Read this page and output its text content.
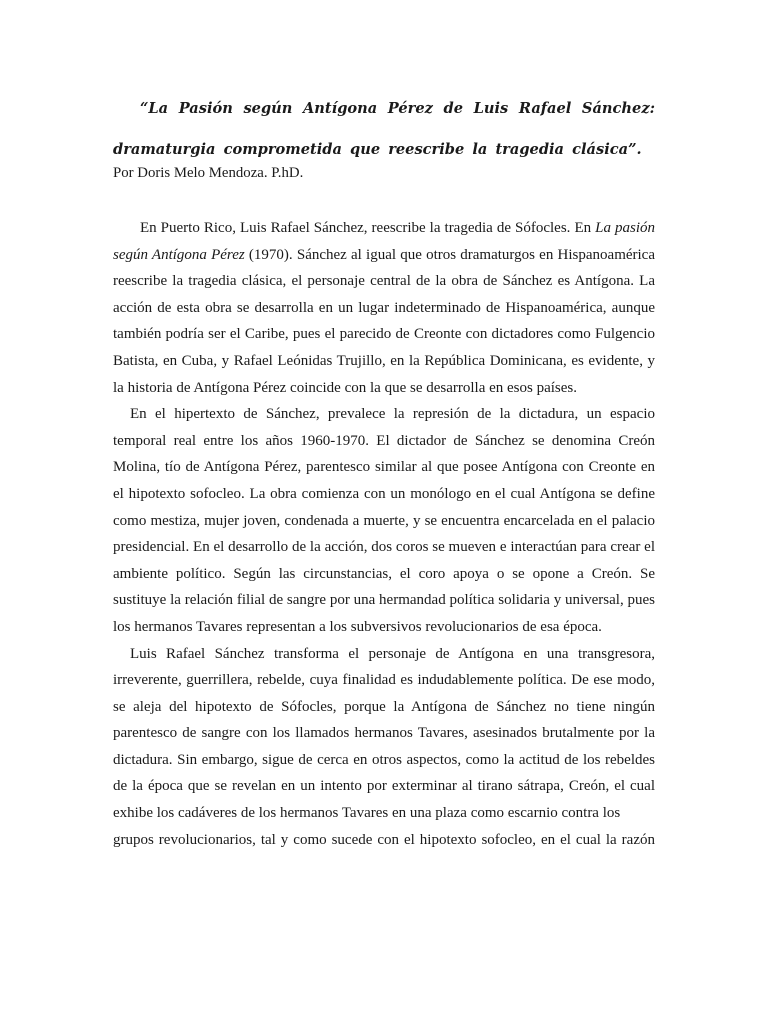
“La Pasión según Antígona Pérez de Luis Rafael Sánchez: dramaturgia comprometida que reescribe la tragedia clásica”.

Por Doris Melo Mendoza. P.hD.

En Puerto Rico, Luis Rafael Sánchez, reescribe la tragedia de Sófocles. En La pasión según Antígona Pérez (1970). Sánchez al igual que otros dramaturgos en Hispanoamérica reescribe la tragedia clásica, el personaje central de la obra de Sánchez es Antígona. La acción de esta obra se desarrolla en un lugar indeterminado de Hispanoamérica, aunque también podría ser el Caribe, pues el parecido de Creonte con dictadores como Fulgencio Batista, en Cuba, y Rafael Leónidas Trujillo, en la República Dominicana, es evidente, y la historia de Antígona Pérez coincide con la que se desarrolla en esos países.

En el hipertexto de Sánchez, prevalece la represión de la dictadura, un espacio temporal real entre los años 1960-1970. El dictador de Sánchez se denomina Creón Molina, tío de Antígona Pérez, parentesco similar al que posee Antígona con Creonte en el hipotexto sofocleo. La obra comienza con un monólogo en el cual Antígona se define como mestiza, mujer joven, condenada a muerte, y se encuentra encarcelada en el palacio presidencial. En el desarrollo de la acción, dos coros se mueven e interactúan para crear el ambiente político. Según las circunstancias, el coro apoya o se opone a Creón. Se sustituye la relación filial de sangre por una hermandad política solidaria y universal, pues los hermanos Tavares representan a los subversivos revolucionarios de esa época.

Luis Rafael Sánchez transforma el personaje de Antígona en una transgresora, irreverente, guerrillera, rebelde, cuya finalidad es indudablemente política. De ese modo, se aleja del hipotexto de Sófocles, porque la Antígona de Sánchez no tiene ningún parentesco de sangre con los llamados hermanos Tavares, asesinados brutalmente por la dictadura. Sin embargo, sigue de cerca en otros aspectos, como la actitud de los rebeldes de la época que se revelan en un intento por exterminar al tirano sátrapa, Creón, el cual exhibe los cadáveres de los hermanos Tavares en una plaza como escarnio contra los

grupos revolucionarios, tal y como sucede con el hipotexto sofocleo, en el cual la razón
